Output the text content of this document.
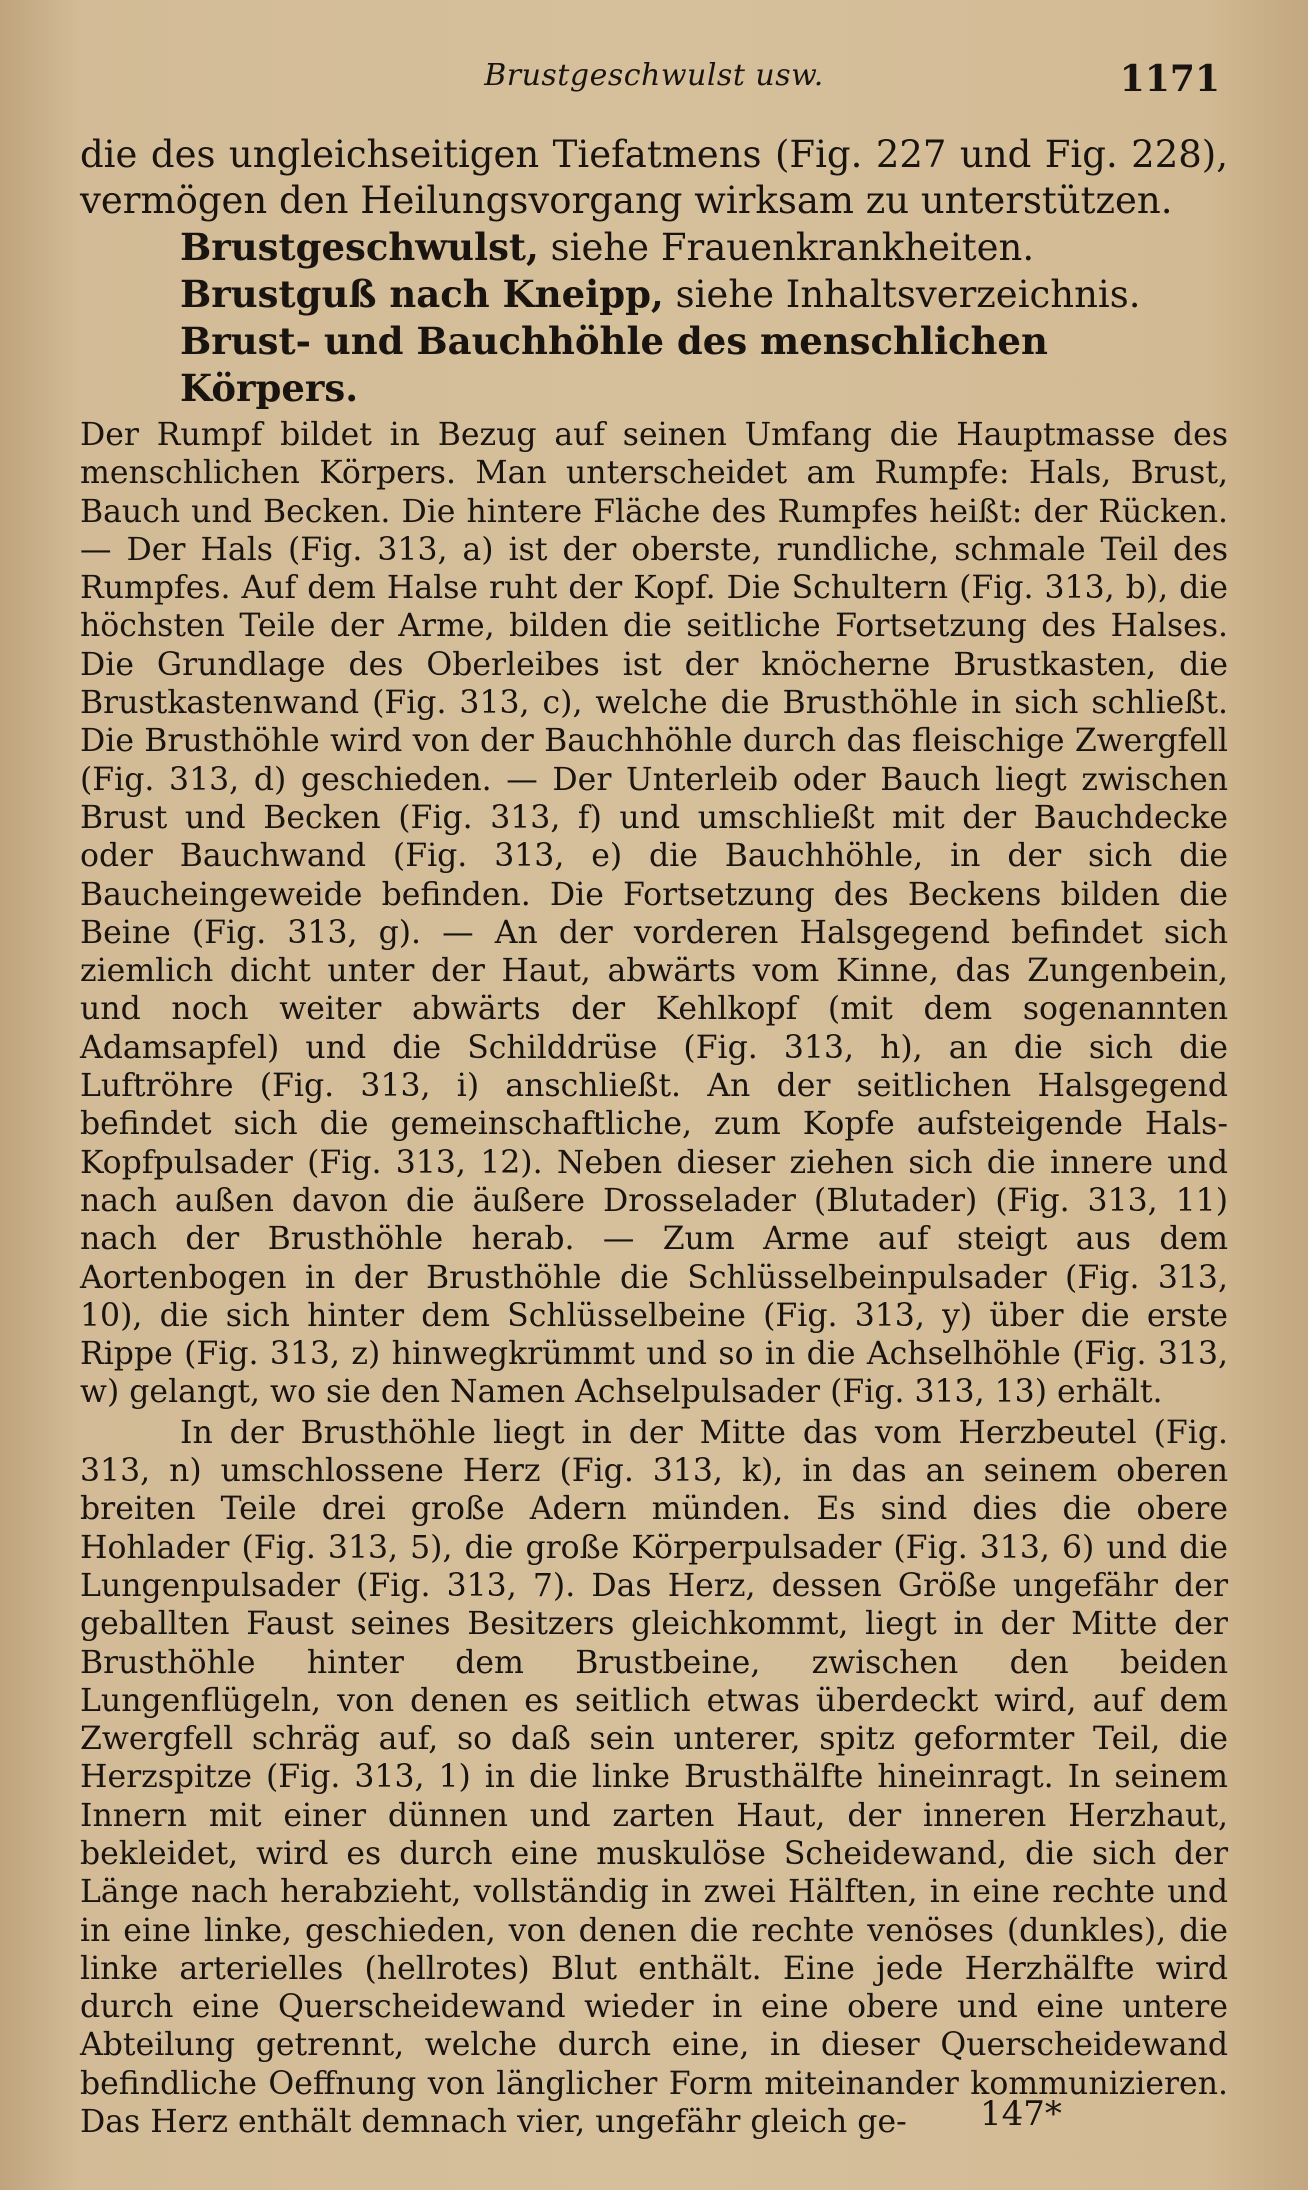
Brustgeschwulst usw.	1171

die des ungleichseitigen Tiefatmens (Fig. 227 und Fig. 228), vermögen den Heilungsvorgang wirksam zu unterstützen.

Brustgeschwulst, siehe Frauenkrankheiten.

Brustguß nach Kneipp, siehe Inhaltsverzeichnis.

Brust- und Bauchhöhle des menschlichen Körpers.

Der Rumpf bildet in Bezug auf seinen Umfang die Hauptmasse des menschlichen Körpers. Man unterscheidet am Rumpfe: Hals, Brust, Bauch und Becken. Die hintere Fläche des Rumpfes heißt: der Rücken. — Der Hals (Fig. 313, a) ist der oberste, rundliche, schmale Teil des Rumpfes. Auf dem Halse ruht der Kopf. Die Schultern (Fig. 313, b), die höchsten Teile der Arme, bilden die seitliche Fortsetzung des Halses. Die Grundlage des Oberleibes ist der knöcherne Brustkasten, die Brustkastenwand (Fig. 313, c), welche die Brusthöhle in sich schließt. Die Brusthöhle wird von der Bauchhöhle durch das fleischige Zwergfell (Fig. 313, d) geschieden. — Der Unterleib oder Bauch liegt zwischen Brust und Becken (Fig. 313, f) und umschließt mit der Bauchdecke oder Bauchwand (Fig. 313, e) die Bauchhöhle, in der sich die Baucheingeweide befinden. Die Fortsetzung des Beckens bilden die Beine (Fig. 313, g). — An der vorderen Halsgegend befindet sich ziemlich dicht unter der Haut, abwärts vom Kinne, das Zungenbein, und noch weiter abwärts der Kehlkopf (mit dem sogenannten Adamsapfel) und die Schilddrüse (Fig. 313, h), an die sich die Luftröhre (Fig. 313, i) anschließt. An der seitlichen Halsgegend befindet sich die gemeinschaftliche, zum Kopfe aufsteigende Hals-Kopfpulsader (Fig. 313, 12). Neben dieser ziehen sich die innere und nach außen davon die äußere Drosselader (Blutader) (Fig. 313, 11) nach der Brusthöhle herab. — Zum Arme auf steigt aus dem Aortenbogen in der Brusthöhle die Schlüsselbeinpulsader (Fig. 313, 10), die sich hinter dem Schlüsselbeine (Fig. 313, y) über die erste Rippe (Fig. 313, z) hinwegkrümmt und so in die Achselhöhle (Fig. 313, w) gelangt, wo sie den Namen Achselpulsader (Fig. 313, 13) erhält.

In der Brusthöhle liegt in der Mitte das vom Herzbeutel (Fig. 313, n) umschlossene Herz (Fig. 313, k), in das an seinem oberen breiten Teile drei große Adern münden. Es sind dies die obere Hohlader (Fig. 313, 5), die große Körperpulsader (Fig. 313, 6) und die Lungenpulsader (Fig. 313, 7). Das Herz, dessen Größe ungefähr der geballten Faust seines Besitzers gleichkommt, liegt in der Mitte der Brusthöhle hinter dem Brustbeine, zwischen den beiden Lungenflügeln, von denen es seitlich etwas überdeckt wird, auf dem Zwergfell schräg auf, so daß sein unterer, spitz geformter Teil, die Herzspitze (Fig. 313, 1) in die linke Brusthälfte hineinragt. In seinem Innern mit einer dünnen und zarten Haut, der inneren Herzhaut, bekleidet, wird es durch eine muskulöse Scheidewand, die sich der Länge nach herabzieht, vollständig in zwei Hälften, in eine rechte und in eine linke, geschieden, von denen die rechte venöses (dunkles), die linke arterielles (hellrotes) Blut enthält. Eine jede Herzhälfte wird durch eine Querscheidewand wieder in eine obere und eine untere Abteilung getrennt, welche durch eine, in dieser Querscheidewand befindliche Oeffnung von länglicher Form miteinander kommunizieren. Das Herz enthält demnach vier, ungefähr gleich ge-	147*
